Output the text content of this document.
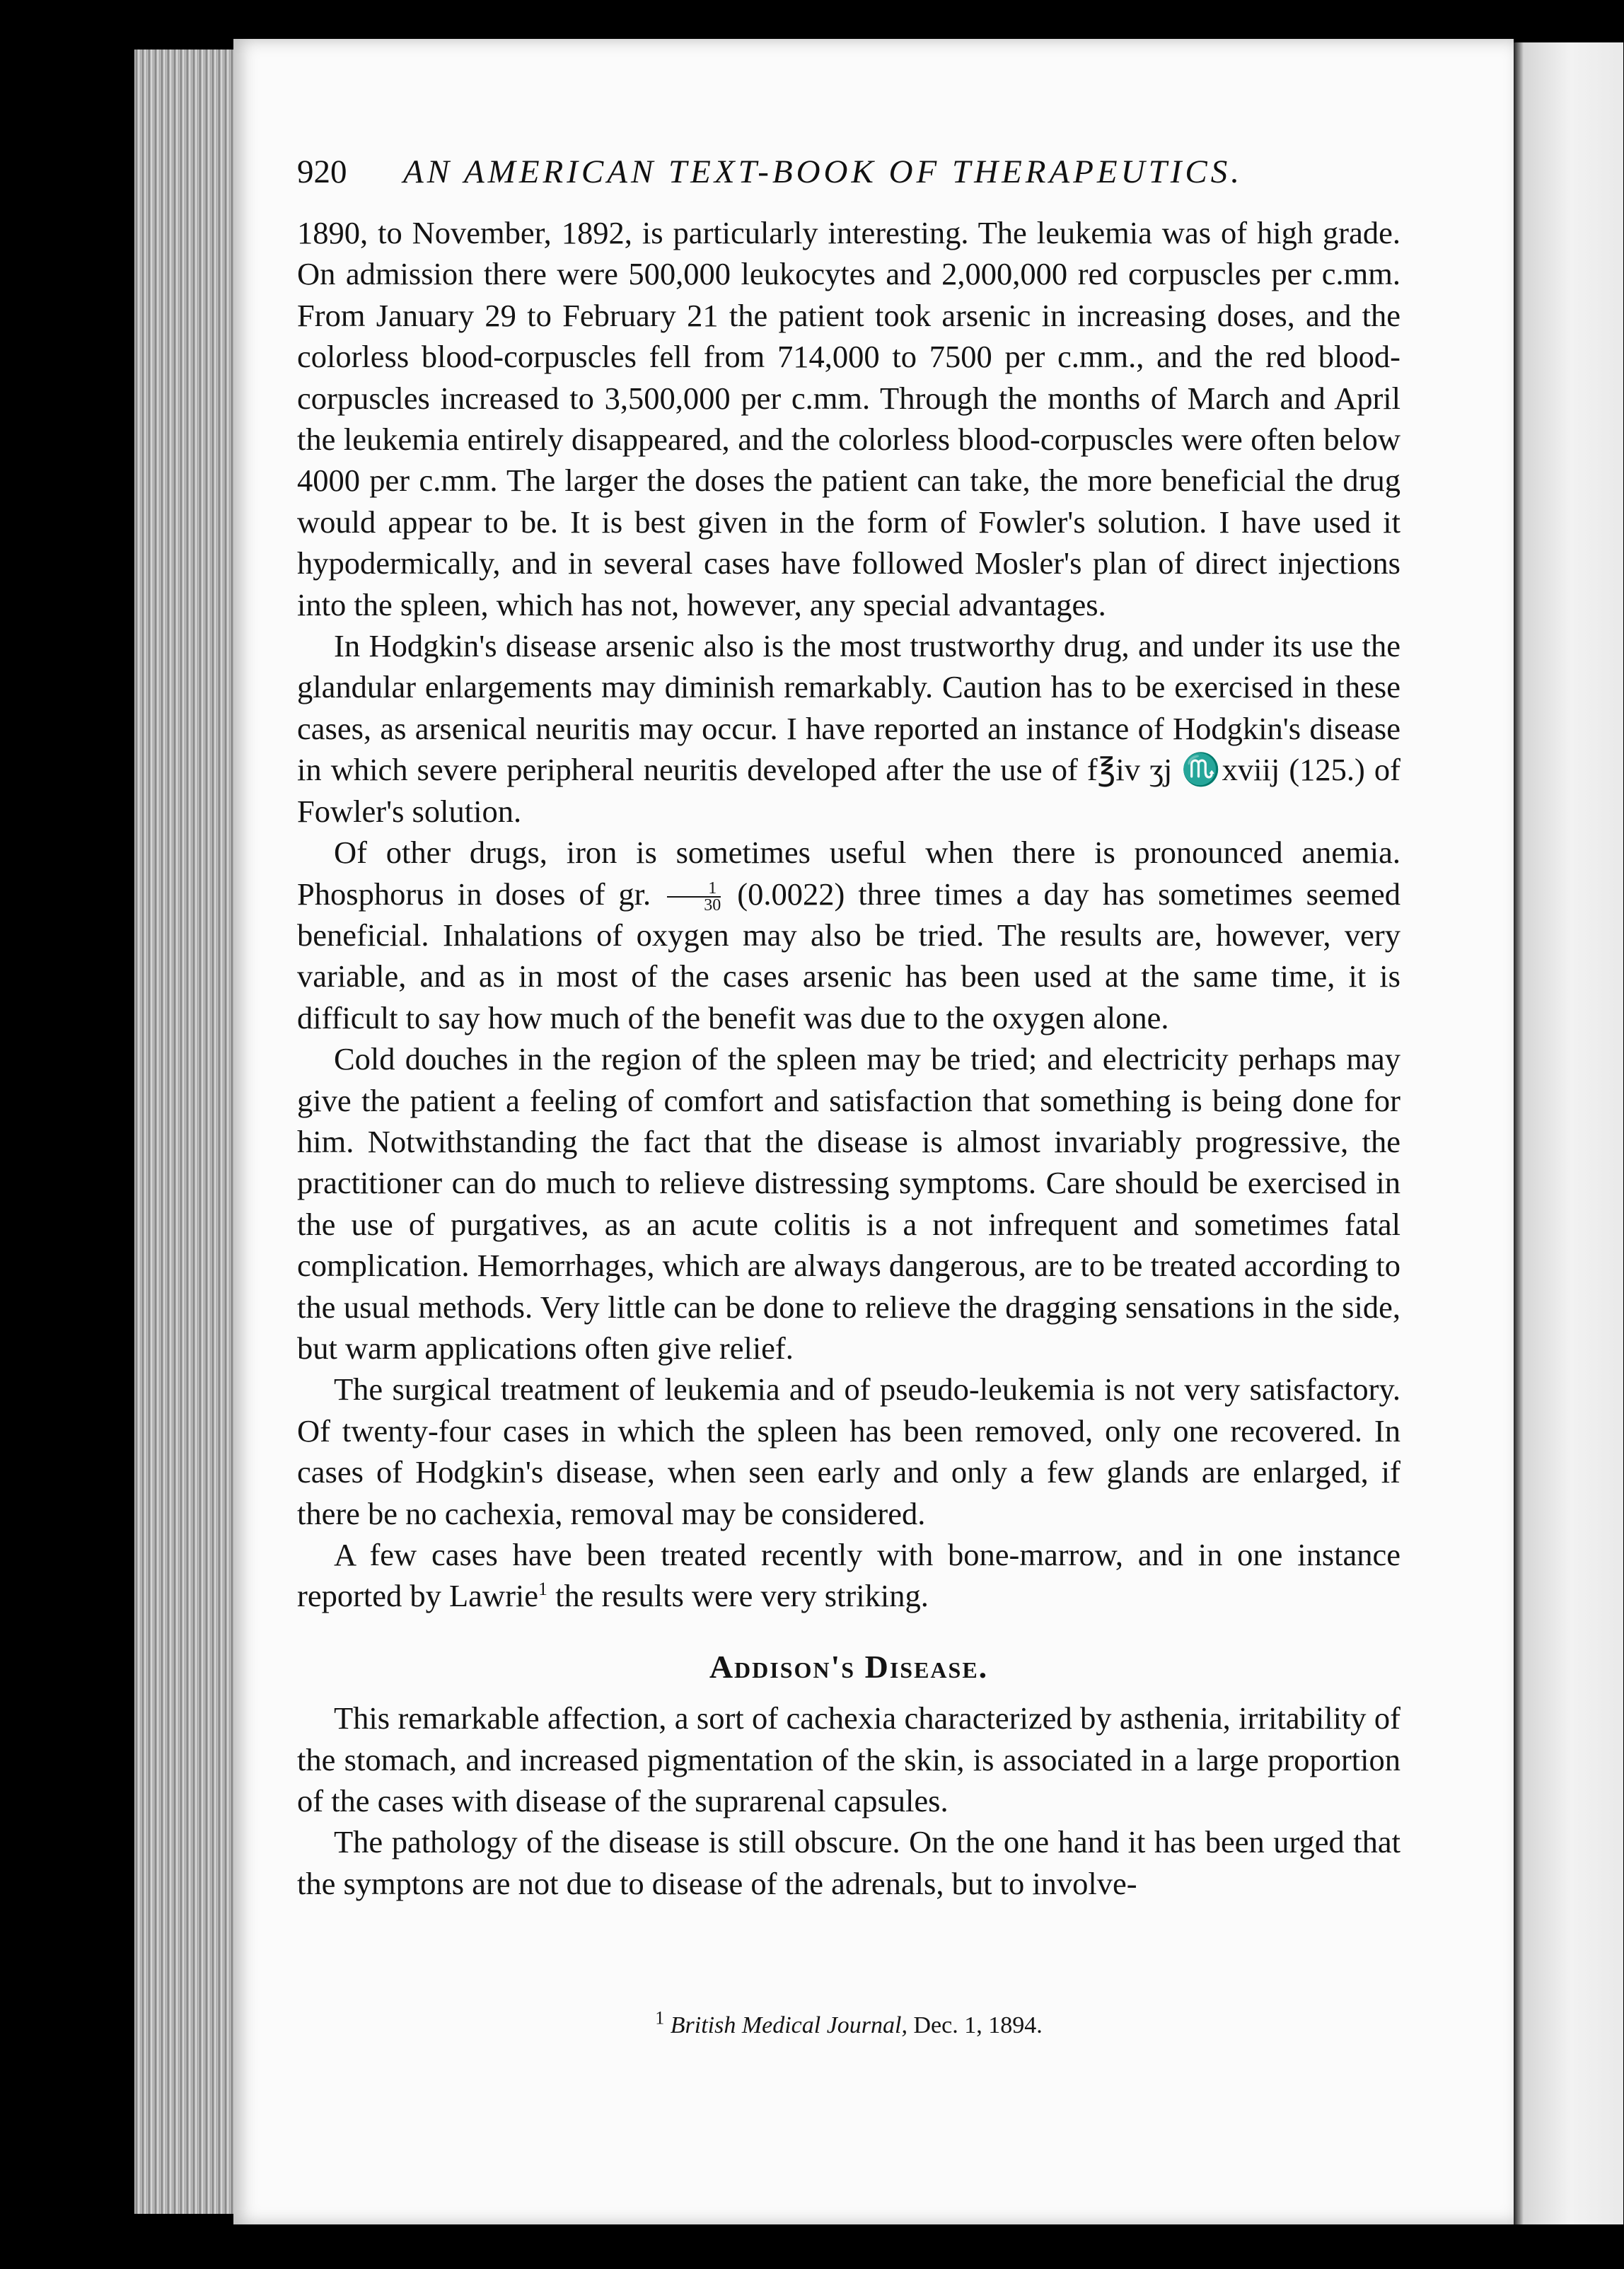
920 AN AMERICAN TEXT-BOOK OF THERAPEUTICS.

1890, to November, 1892, is particularly interesting. The leukemia was of high grade. On admission there were 500,000 leukocytes and 2,000,000 red corpuscles per c.mm. From January 29 to February 21 the patient took arsenic in increasing doses, and the colorless blood-corpuscles fell from 714,000 to 7500 per c.mm., and the red blood-corpuscles increased to 3,500,000 per c.mm. Through the months of March and April the leukemia entirely disappeared, and the colorless blood-corpuscles were often below 4000 per c.mm. The larger the doses the patient can take, the more beneficial the drug would appear to be. It is best given in the form of Fowler's solution. I have used it hypodermically, and in several cases have followed Mosler's plan of direct injections into the spleen, which has not, however, any special advantages.

In Hodgkin's disease arsenic also is the most trustworthy drug, and under its use the glandular enlargements may diminish remarkably. Caution has to be exercised in these cases, as arsenical neuritis may occur. I have reported an instance of Hodgkin's disease in which severe peripheral neuritis developed after the use of f℥iv ʒj ♏xviij (125.) of Fowler's solution.

Of other drugs, iron is sometimes useful when there is pronounced anemia. Phosphorus in doses of gr. $\frac{1}{30} (0.0022)$ three times a day has sometimes seemed beneficial. Inhalations of oxygen may also be tried. The results are, however, very variable, and as in most of the cases arsenic has been used at the same time, it is difficult to say how much of the benefit was due to the oxygen alone.

Cold douches in the region of the spleen may be tried; and electricity perhaps may give the patient a feeling of comfort and satisfaction that something is being done for him. Notwithstanding the fact that the disease is almost invariably progressive, the practitioner can do much to relieve distressing symptoms. Care should be exercised in the use of purgatives, as an acute colitis is a not infrequent and sometimes fatal complication. Hemorrhages, which are always dangerous, are to be treated according to the usual methods. Very little can be done to relieve the dragging sensations in the side, but warm applications often give relief.

The surgical treatment of leukemia and of pseudo-leukemia is not very satisfactory. Of twenty-four cases in which the spleen has been removed, only one recovered. In cases of Hodgkin's disease, when seen early and only a few glands are enlarged, if there be no cachexia, removal may be considered.

A few cases have been treated recently with bone-marrow, and in one instance reported by Lawrie$^1$ the results were very striking.

Addison's Disease.

This remarkable affection, a sort of cachexia characterized by asthenia, irritability of the stomach, and increased pigmentation of the skin, is associated in a large proportion of the cases with disease of the suprarenal capsules.

The pathology of the disease is still obscure. On the one hand it has been urged that the symptons are not due to disease of the adrenals, but to involve-

$^1$ British Medical Journal, Dec. 1, 1894.
